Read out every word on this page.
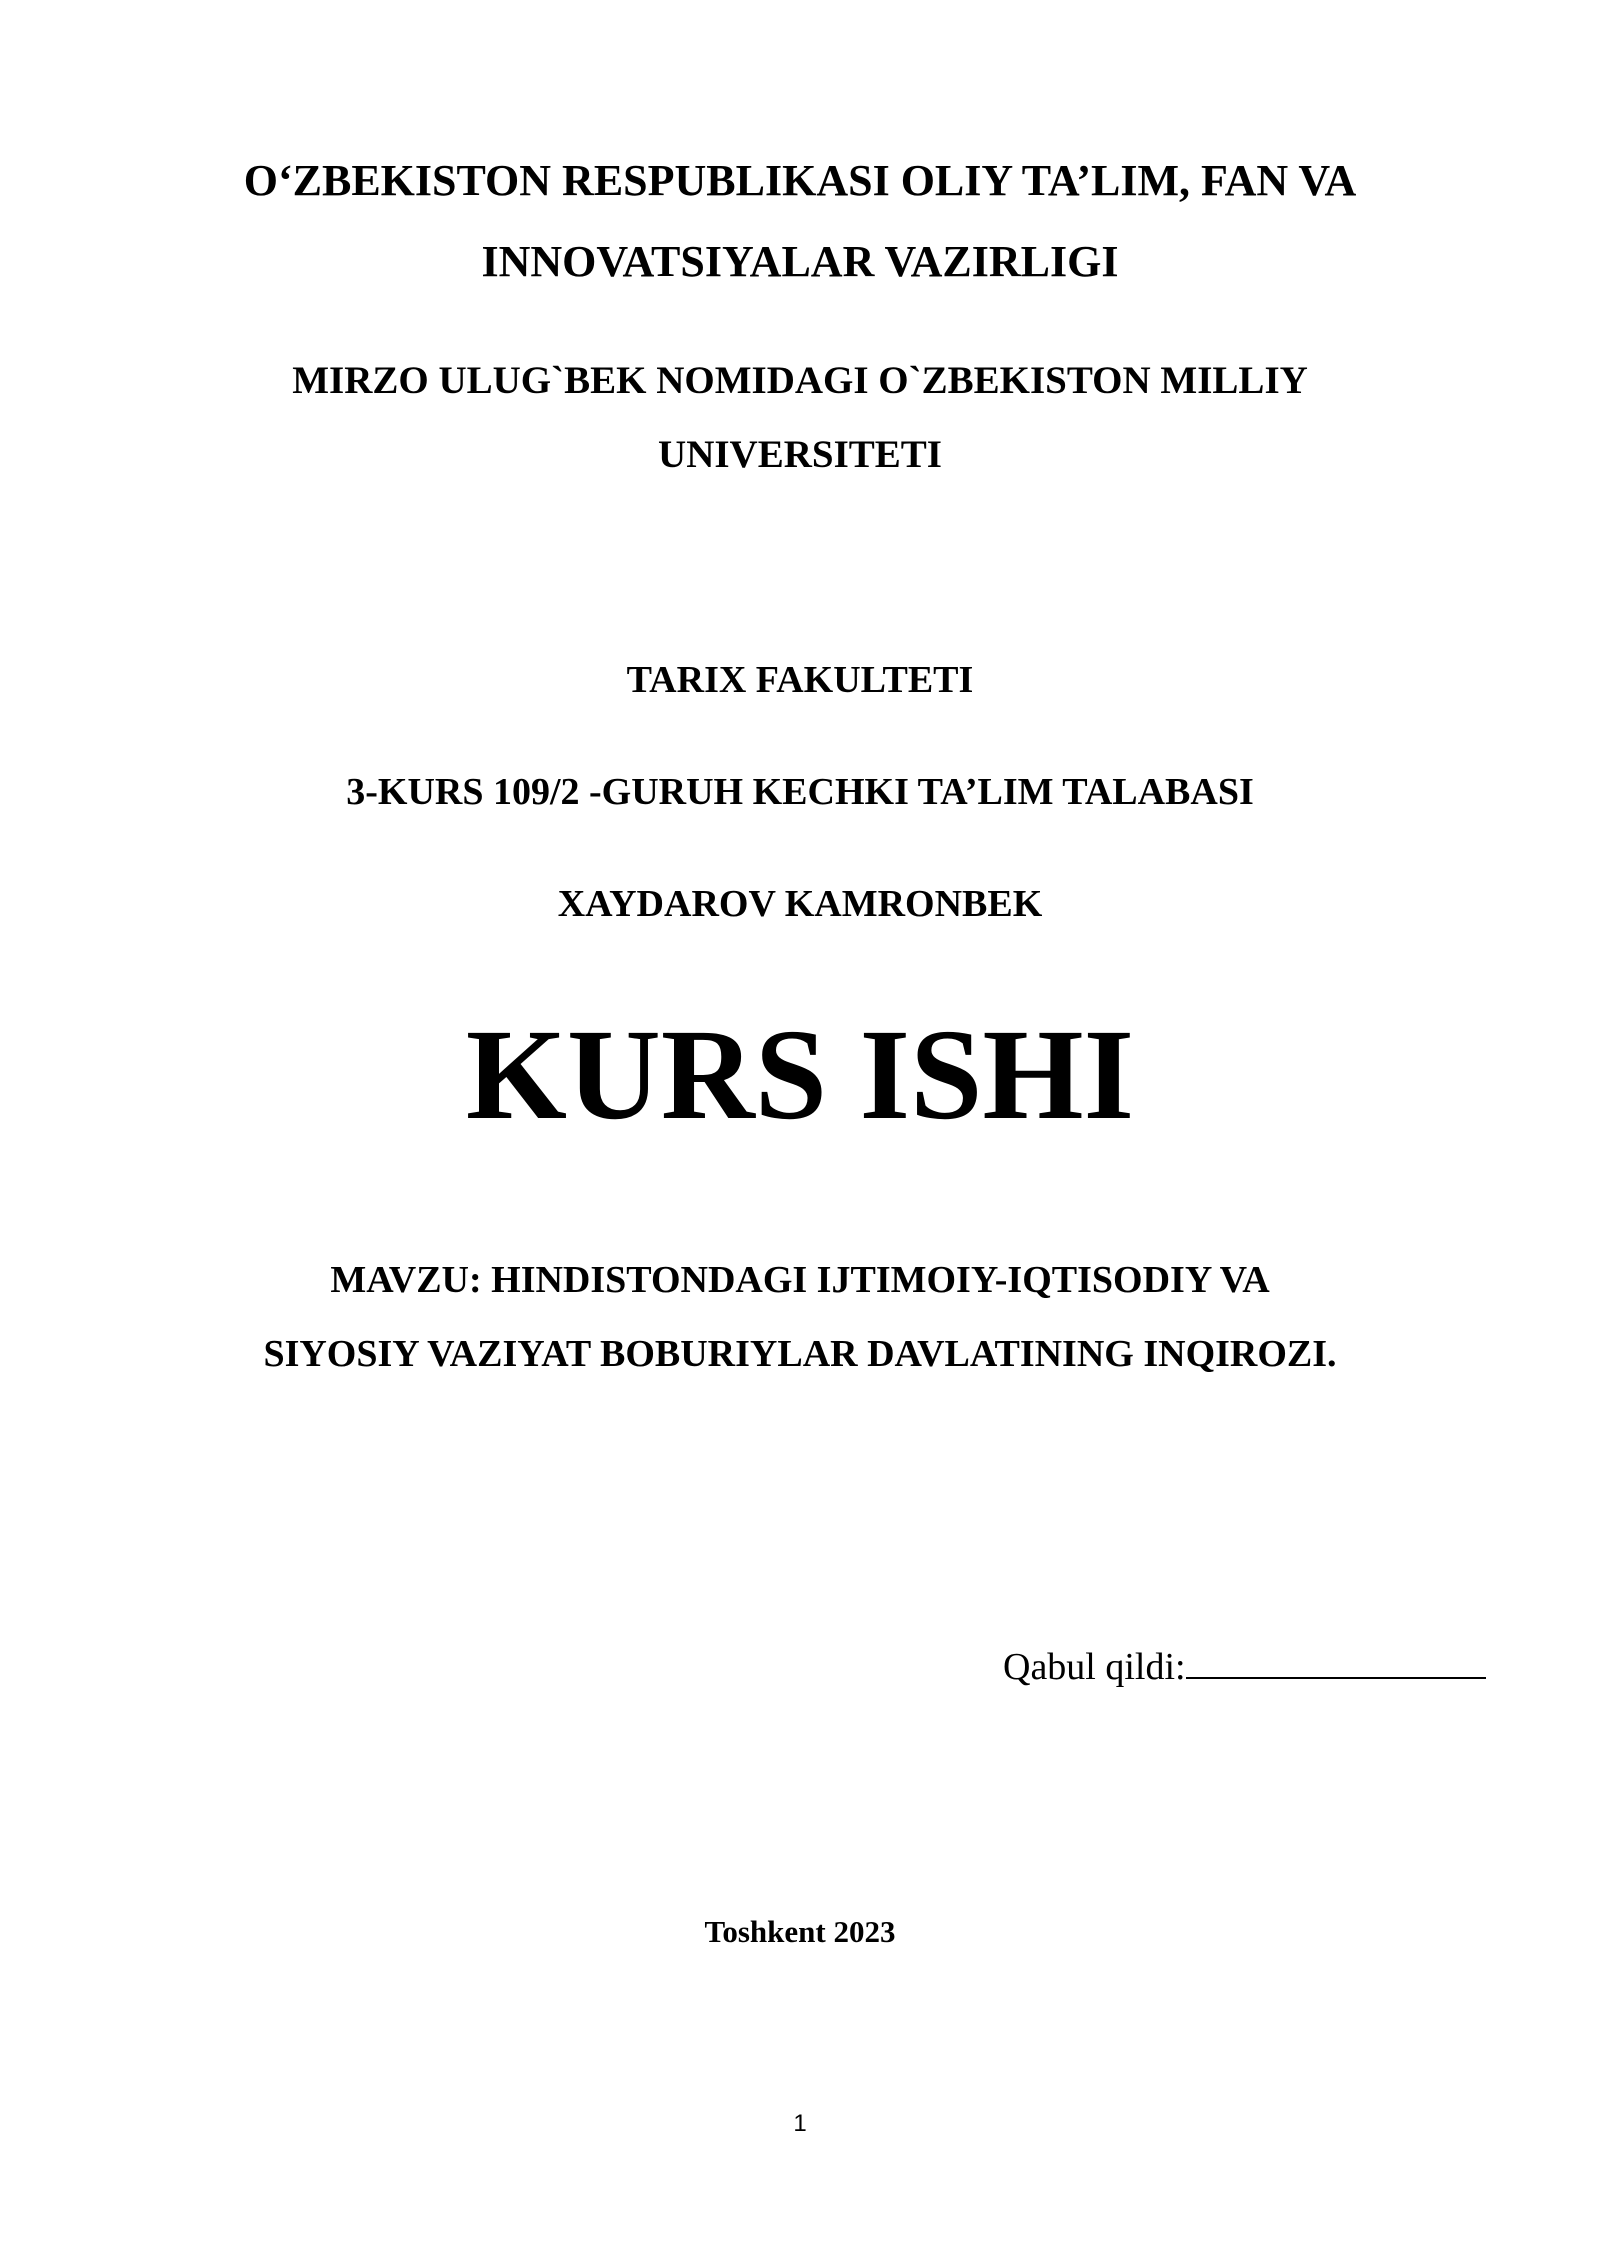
O‘ZBEKISTON RESPUBLIKASI OLIY TA’LIM, FAN VA
INNOVATSIYALAR VAZIRLIGI
MIRZO ULUG`BEK NOMIDAGI O`ZBEKISTON MILLIY
UNIVERSITETI
TARIX FAKULTETI
3-KURS 109/2 -GURUH KECHKI TA’LIM TALABASI
XAYDAROV KAMRONBEK
KURS ISHI
MAVZU: HINDISTONDAGI IJTIMOIY-IQTISODIY VA
SIYOSIY VAZIYAT BOBURIYLAR DAVLATINING INQIROZI.
Qabul qildi:
Toshkent 2023
1
